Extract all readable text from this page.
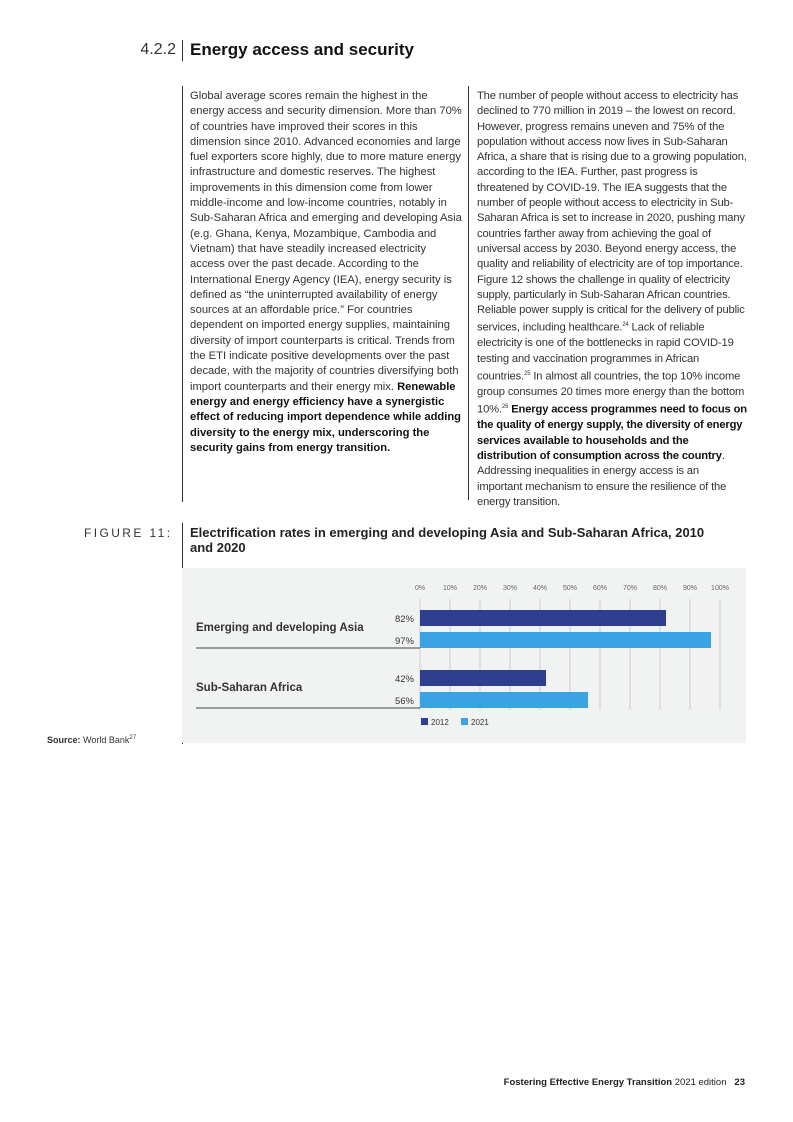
4.2.2 Energy access and security

Global average scores remain the highest in the energy access and security dimension. More than 70% of countries have improved their scores in this dimension since 2010. Advanced economies and large fuel exporters score highly, due to more mature energy infrastructure and domestic reserves. The highest improvements in this dimension come from lower middle-income and low-income countries, notably in Sub-Saharan Africa and emerging and developing Asia (e.g. Ghana, Kenya, Mozambique, Cambodia and Vietnam) that have steadily increased electricity access over the past decade. According to the International Energy Agency (IEA), energy security is defined as “the uninterrupted availability of energy sources at an affordable price.” For countries dependent on imported energy supplies, maintaining diversity of import counterparts is critical. Trends from the ETI indicate positive developments over the past decade, with the majority of countries diversifying both import counterparts and their energy mix. Renewable energy and energy efficiency have a synergistic effect of reducing import dependence while adding diversity to the energy mix, underscoring the security gains from energy transition.

The number of people without access to electricity has declined to 770 million in 2019 – the lowest on record. However, progress remains uneven and 75% of the population without access now lives in Sub-Saharan Africa, a share that is rising due to a growing population, according to the IEA. Further, past progress is threatened by COVID-19. The IEA suggests that the number of people without access to electricity in Sub-Saharan Africa is set to increase in 2020, pushing many countries farther away from achieving the goal of universal access by 2030. Beyond energy access, the quality and reliability of electricity are of top importance. Figure 12 shows the challenge in quality of electricity supply, particularly in Sub-Saharan African countries. Reliable power supply is critical for the delivery of public services, including healthcare.$^{24}$ Lack of reliable electricity is one of the bottlenecks in rapid COVID-19 testing and vaccination programmes in African countries.$^{25}$ In almost all countries, the top 10% income group consumes 20 times more energy than the bottom 10%.$^{26}$ Energy access programmes need to focus on the quality of energy supply, the diversity of energy services available to households and the distribution of consumption across the country. Addressing inequalities in energy access is an important mechanism to ensure the resilience of the energy transition.

FIGURE 11: Electrification rates in emerging and developing Asia and Sub-Saharan Africa, 2010 and 2020
0%	10% 20% 30% 40% 50% 60% 70% 80% 90% 100%
Emerging and developing Asia
82%
97%
Sub-Saharan Africa
42%
56%
2012	2021
Source: World Bank$^{27}$
Fostering Effective Energy Transition 2021 edition 23
